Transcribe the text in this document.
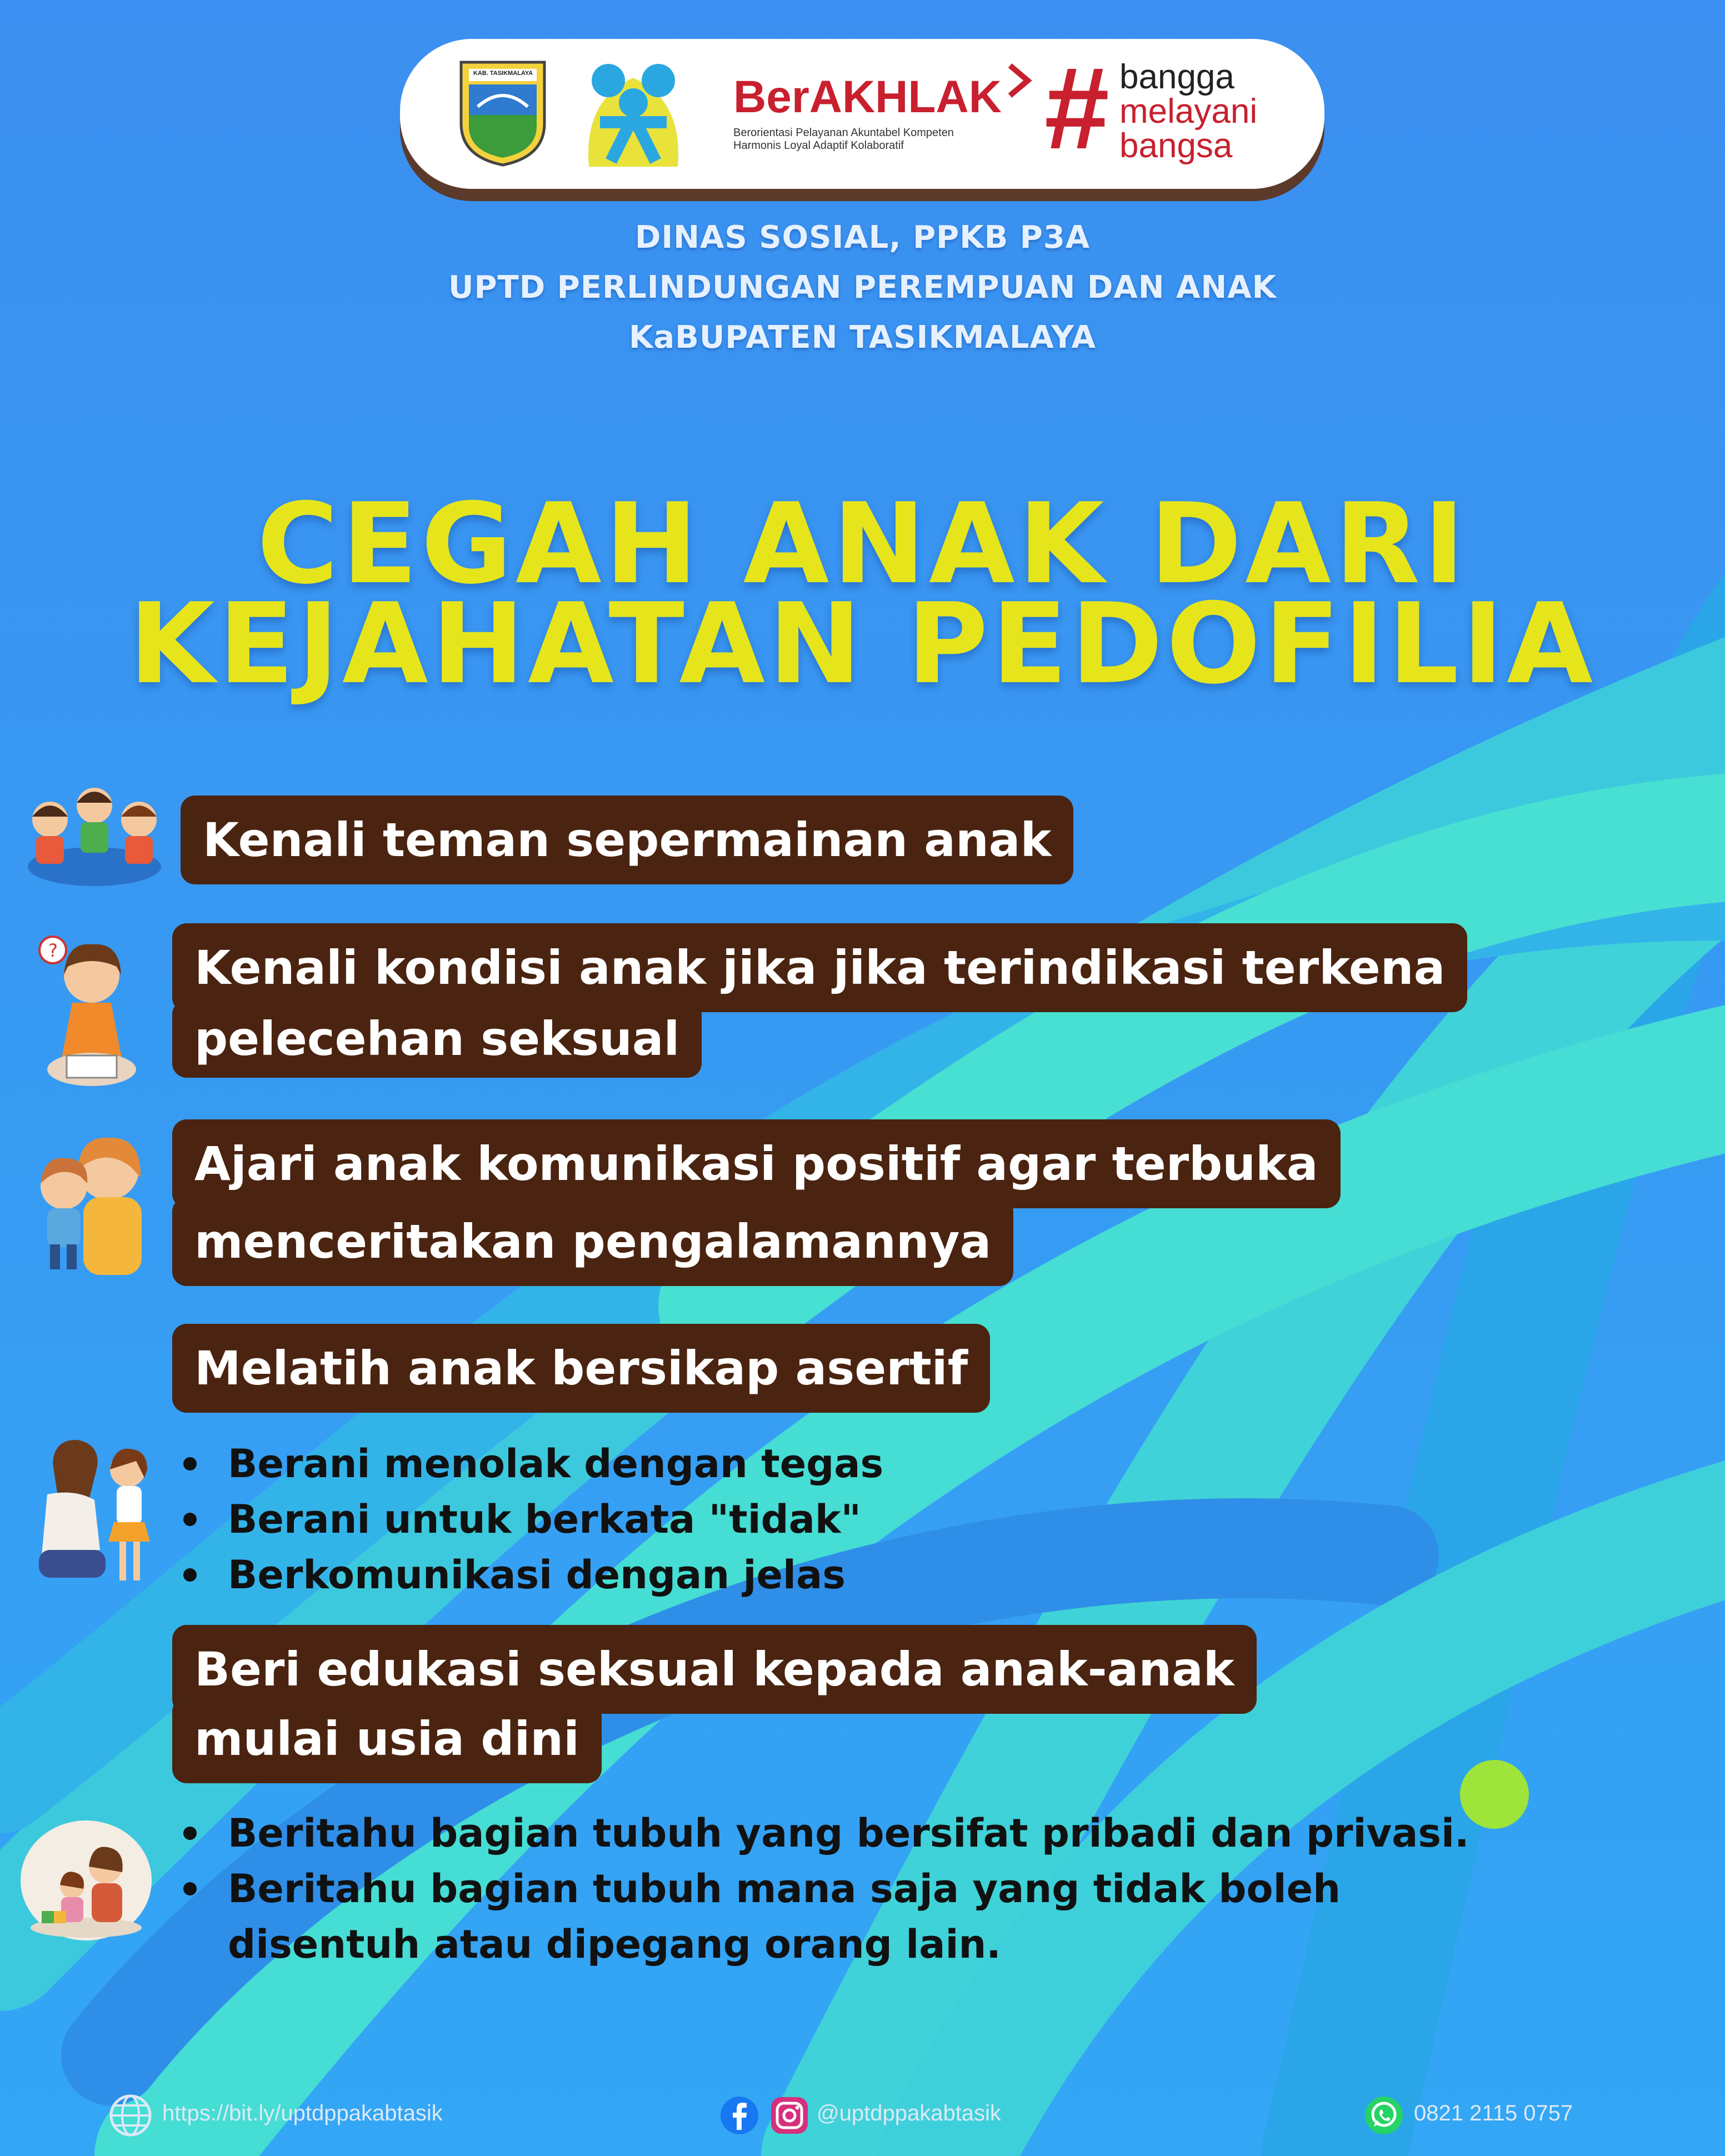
KAB. TASIKMALAYA	BerAKHLAK
Berorientasi Pelayanan Akuntabel Kompeten
Harmonis Loyal Adaptif Kolaboratif	# bangga
melayani
bangsa
DINAS SOSIAL, PPKB P3A
UPTD PERLINDUNGAN PEREMPUAN DAN ANAK
KaBUPATEN TASIKMALAYA
CEGAH ANAK DARI
KEJAHATAN PEDOFILIA
Kenali teman sepermainan anak
?	Kenali kondisi anak jika jika terindikasi terkena
pelecehan seksual
Ajari anak komunikasi positif agar terbuka
menceritakan pengalamannya
Melatih anak bersikap asertif
Berani menolak dengan tegas
Berani untuk berkata "tidak"
Berkomunikasi dengan jelas
Beri edukasi seksual kepada anak-anak
mulai usia dini
Beritahu bagian tubuh yang bersifat pribadi dan privasi.
Beritahu bagian tubuh mana saja yang tidak boleh
disentuh atau dipegang orang lain.
https://bit.ly/uptdppakabtasik	@uptdppakabtasik	0821 2115 0757
